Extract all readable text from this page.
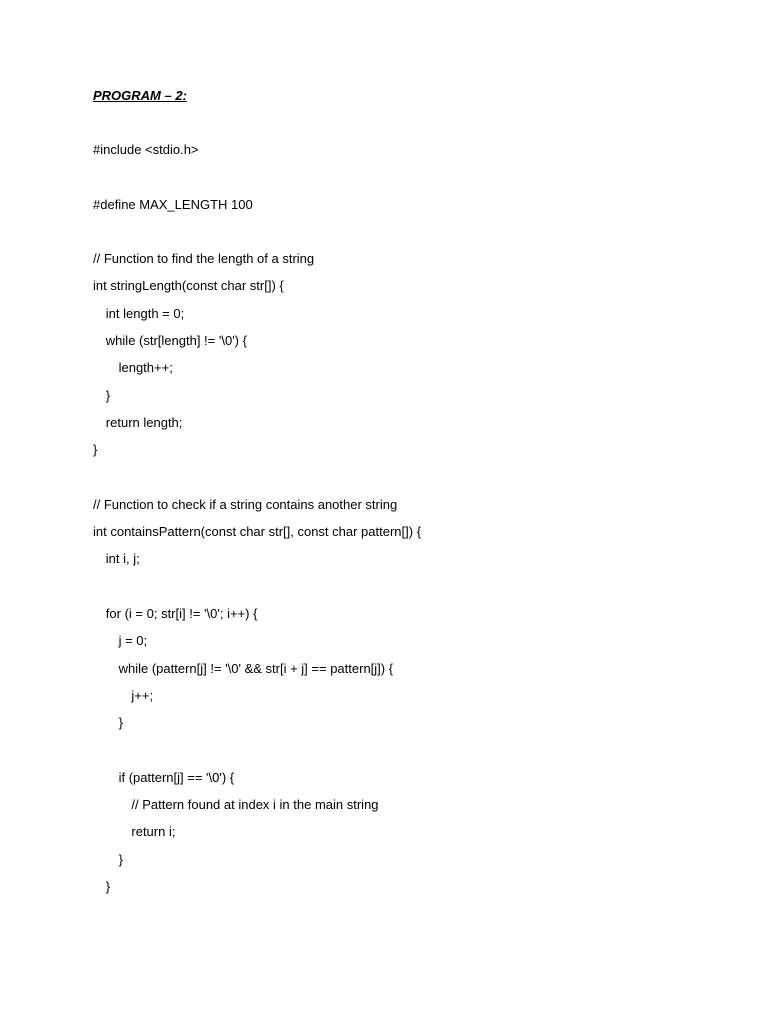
PROGRAM – 2:
#include <stdio.h>
#define MAX_LENGTH 100
// Function to find the length of a string
int stringLength(const char str[]) {
int length = 0;
while (str[length] != '\0') {
length++;
}
return length;
}
// Function to check if a string contains another string
int containsPattern(const char str[], const char pattern[]) {
int i, j;
for (i = 0; str[i] != '\0'; i++) {
j = 0;
while (pattern[j] != '\0' && str[i + j] == pattern[j]) {
j++;
}
if (pattern[j] == '\0') {
// Pattern found at index i in the main string
return i;
}
}
